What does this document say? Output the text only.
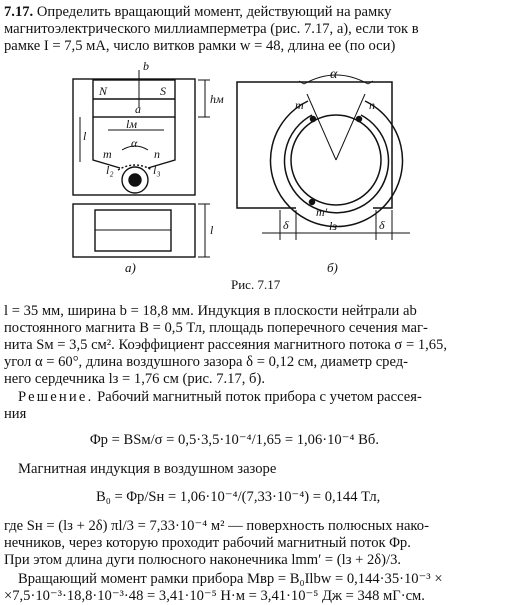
7.17. Определить вращающий момент, действующий на рамку
магнитоэлектрического миллиамперметра (рис. 7.17, а), если ток в
рамке I = 7,5 мА, число витков рамки w = 48, длина ее (по оси)
b
N	S
hм
l
a
lм
α
m	n
l₂	l₃
l
а)
α
m	n
m′
δ	δ
lз
б)
Рис. 7.17
l = 35 мм, ширина b = 18,8 мм. Индукция в плоскости нейтрали ab
постоянного магнита B = 0,5 Тл, площадь поперечного сечения маг-
нита Sм = 3,5 см². Коэффициент рассеяния магнитного потока σ = 1,65,
угол α = 60°, длина воздушного зазора δ = 0,12 см, диаметр сред-
него сердечника lз = 1,76 см (рис. 7.17, б).
Решение. Рабочий магнитный поток прибора с учетом рассея-
ния
Φр = BSм/σ = 0,5·3,5·10⁻⁴/1,65 = 1,06·10⁻⁴ Вб.
Магнитная индукция в воздушном зазоре
B₀ = Φр/Sн = 1,06·10⁻⁴/(7,33·10⁻⁴) = 0,144 Тл,
где Sн = (lз + 2δ) πl/3 = 7,33·10⁻⁴ м² — поверхность полюсных нако-
нечников, через которую проходит рабочий магнитный поток Φр.
При этом длина дуги полюсного наконечника lmm′ = (lз + 2δ)/3.
Вращающий момент рамки прибора Mвр = B₀Ilbw = 0,144·35·10⁻³ ×
×7,5·10⁻³·18,8·10⁻³·48 = 3,41·10⁻⁵ Н·м = 3,41·10⁻⁵ Дж = 348 мГ·см.
